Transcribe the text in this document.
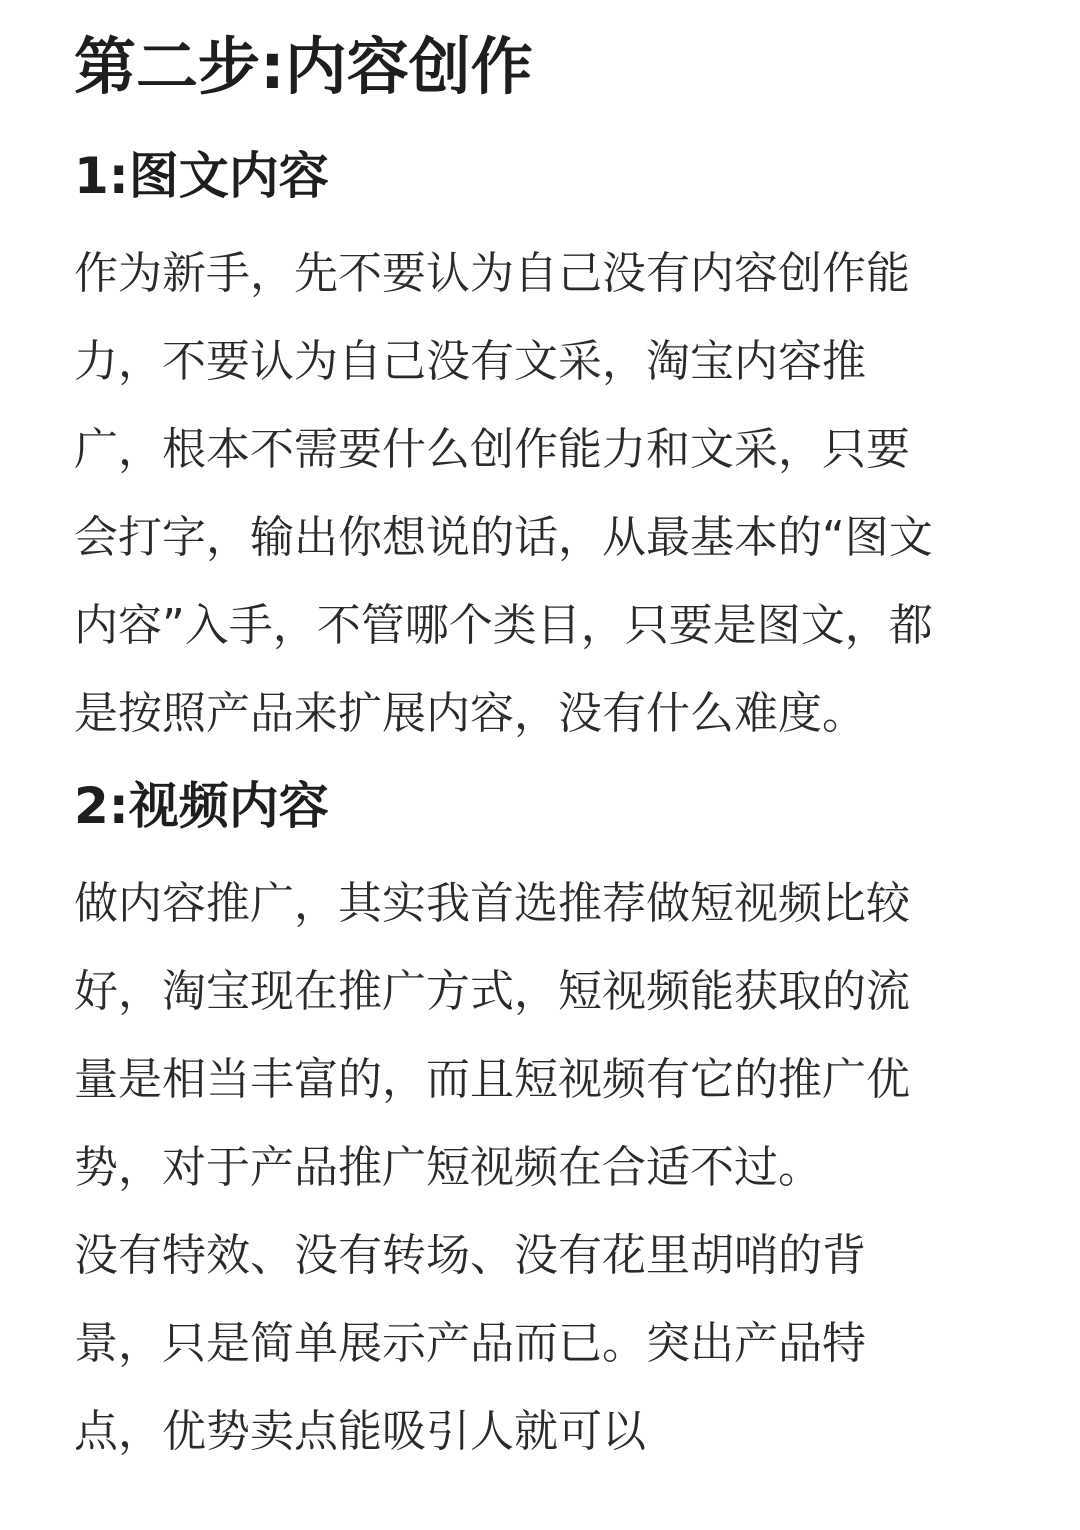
第二步:内容创作
1:图文内容

作为新手，先不要认为自己没有内容创作能
力，不要认为自己没有文采，淘宝内容推
广，根本不需要什么创作能力和文采，只要
会打字，输出你想说的话，从最基本的“图文
内容”入手，不管哪个类目，只要是图文，都
是按照产品来扩展内容，没有什么难度。

2:视频内容

做内容推广，其实我首选推荐做短视频比较
好，淘宝现在推广方式，短视频能获取的流
量是相当丰富的，而且短视频有它的推广优
势，对于产品推广短视频在合适不过。

没有特效、没有转场、没有花里胡哨的背
景，只是简单展示产品而已。突出产品特
点，优势卖点能吸引人就可以
